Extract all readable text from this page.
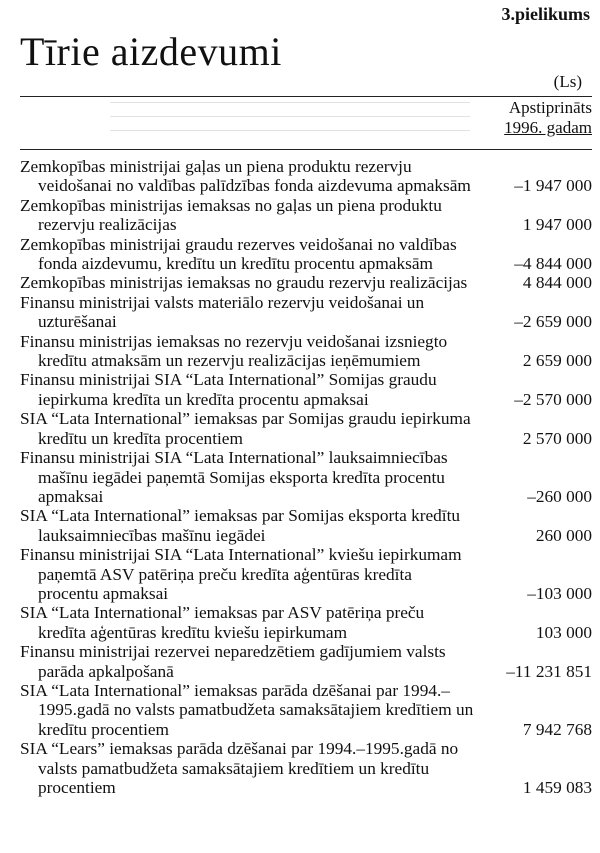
3.pielikums
Tīrie aizdevumi
(Ls)
Apstiprināts
1996. gadam
Zemkopības ministrijai gaļas un piena produktu rezervju veidošanai no valdības palīdzības fonda aizdevuma apmaksām	–1 947 000
Zemkopības ministrijas iemaksas no gaļas un piena produktu rezervju realizācijas	1 947 000
Zemkopības ministrijai graudu rezerves veidošanai no valdības fonda aizdevumu, kredītu un kredītu procentu apmaksām	–4 844 000
Zemkopības ministrijas iemaksas no graudu rezervju realizācijas	4 844 000
Finansu ministrijai valsts materiālo rezervju veidošanai un uzturēšanai	–2 659 000
Finansu ministrijas iemaksas no rezervju veidošanai izsniegto kredītu atmaksām un rezervju realizācijas ieņēmumiem	2 659 000
Finansu ministrijai SIA “Lata International” Somijas graudu iepirkuma kredīta un kredīta procentu apmaksai	–2 570 000
SIA “Lata International” iemaksas par Somijas graudu iepirkuma kredītu un kredīta procentiem	2 570 000
Finansu ministrijai SIA “Lata International” lauksaimniecības mašīnu iegādei paņemtā Somijas eksporta kredīta procentu apmaksai	–260 000
SIA “Lata International” iemaksas par Somijas eksporta kredītu lauksaimniecības mašīnu iegādei	260 000
Finansu ministrijai SIA “Lata International” kviešu iepirkumam paņemtā ASV patēriņa preču kredīta aģentūras kredīta procentu apmaksai	–103 000
SIA “Lata International” iemaksas par ASV patēriņa preču kredīta aģentūras kredītu kviešu iepirkumam	103 000
Finansu ministrijai rezervei neparedzētiem gadījumiem valsts parāda apkalpošanā	–11 231 851
SIA “Lata International” iemaksas parāda dzēšanai par 1994.–1995.gadā no valsts pamatbudžeta samaksātajiem kredītiem un kredītu procentiem	7 942 768
SIA “Lears” iemaksas parāda dzēšanai par 1994.–1995.gadā no valsts pamatbudžeta samaksātajiem kredītiem un kredītu procentiem	1 459 083
